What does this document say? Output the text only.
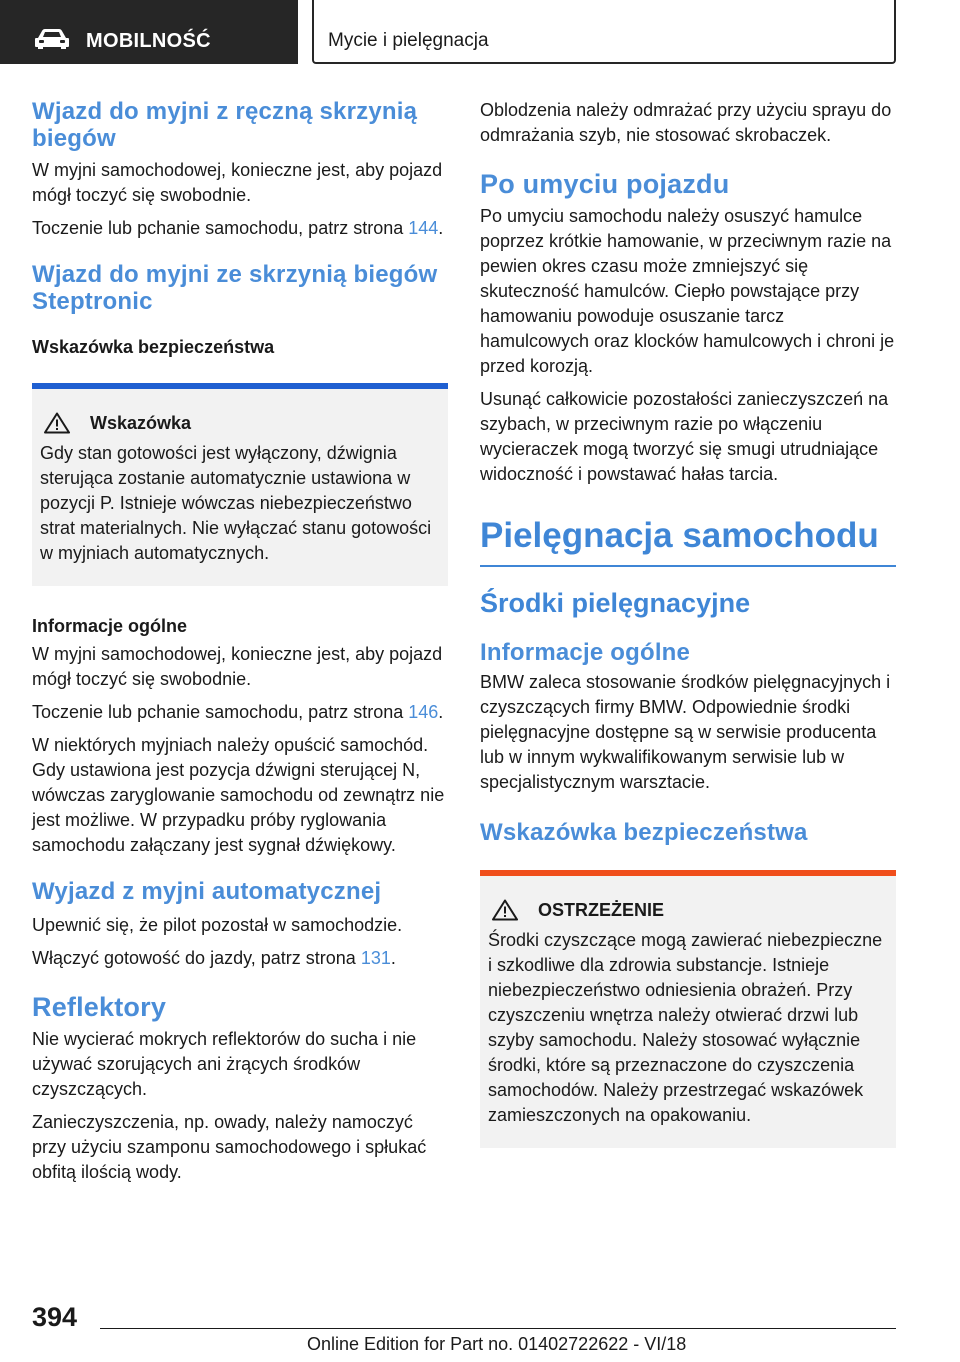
MOBILNOŚĆ	Mycie i pielęgnacja
Wjazd do myjni z ręczną skrzynią biegów

W myjni samochodowej, konieczne jest, aby pojazd mógł toczyć się swobodnie.

Toczenie lub pchanie samochodu, patrz strona 144.

Wjazd do myjni ze skrzynią biegów Steptronic
Wskazówka bezpieczeństwa
Wskazówka

Gdy stan gotowości jest wyłączony, dźwignia sterująca zostanie automatycznie ustawiona w pozycji P. Istnieje wówczas niebezpieczeństwo strat materialnych. Nie wyłączać stanu gotowości w myjniach automatycznych.

Informacje ogólne

W myjni samochodowej, konieczne jest, aby pojazd mógł toczyć się swobodnie.

Toczenie lub pchanie samochodu, patrz strona 146.

W niektórych myjniach należy opuścić samochód. Gdy ustawiona jest pozycja dźwigni sterującej N, wówczas zaryglowanie samochodu od zewnątrz nie jest możliwe. W przypadku próby ryglowania samochodu załączany jest sygnał dźwiękowy.

Wyjazd z myjni automatycznej

Upewnić się, że pilot pozostał w samochodzie.

Włączyć gotowość do jazdy, patrz strona 131.

Reflektory

Nie wycierać mokrych reflektorów do sucha i nie używać szorujących ani żrących środków czyszczących.

Zanieczyszczenia, np. owady, należy namoczyć przy użyciu szamponu samochodowego i spłukać obfitą ilością wody.

Oblodzenia należy odmrażać przy użyciu sprayu do odmrażania szyb, nie stosować skrobaczek.

Po umyciu pojazdu

Po umyciu samochodu należy osuszyć hamulce poprzez krótkie hamowanie, w przeciwnym razie na pewien okres czasu może zmniejszyć się skuteczność hamulców. Ciepło powstające przy hamowaniu powoduje osuszanie tarcz hamulcowych oraz klocków hamulcowych i chroni je przed korozją.

Usunąć całkowicie pozostałości zanieczyszczeń na szybach, w przeciwnym razie po włączeniu wycieraczek mogą tworzyć się smugi utrudniające widoczność i powstawać hałas tarcia.

Pielęgnacja samochodu
Środki pielęgnacyjne
Informacje ogólne

BMW zaleca stosowanie środków pielęgnacyjnych i czyszczących firmy BMW. Odpowiednie środki pielęgnacyjne dostępne są w serwisie producenta lub w innym wykwalifikowanym serwisie lub w specjalistycznym warsztacie.

Wskazówka bezpieczeństwa
OSTRZEŻENIE

Środki czyszczące mogą zawierać niebezpieczne i szkodliwe dla zdrowia substancje. Istnieje niebezpieczeństwo odniesienia obrażeń. Przy czyszczeniu wnętrza należy otwierać drzwi lub szyby samochodu. Należy stosować wyłącznie środki, które są przeznaczone do czyszczenia samochodów. Należy przestrzegać wskazówek zamieszczonych na opakowaniu.

394
Online Edition for Part no. 01402722622 - VI/18
